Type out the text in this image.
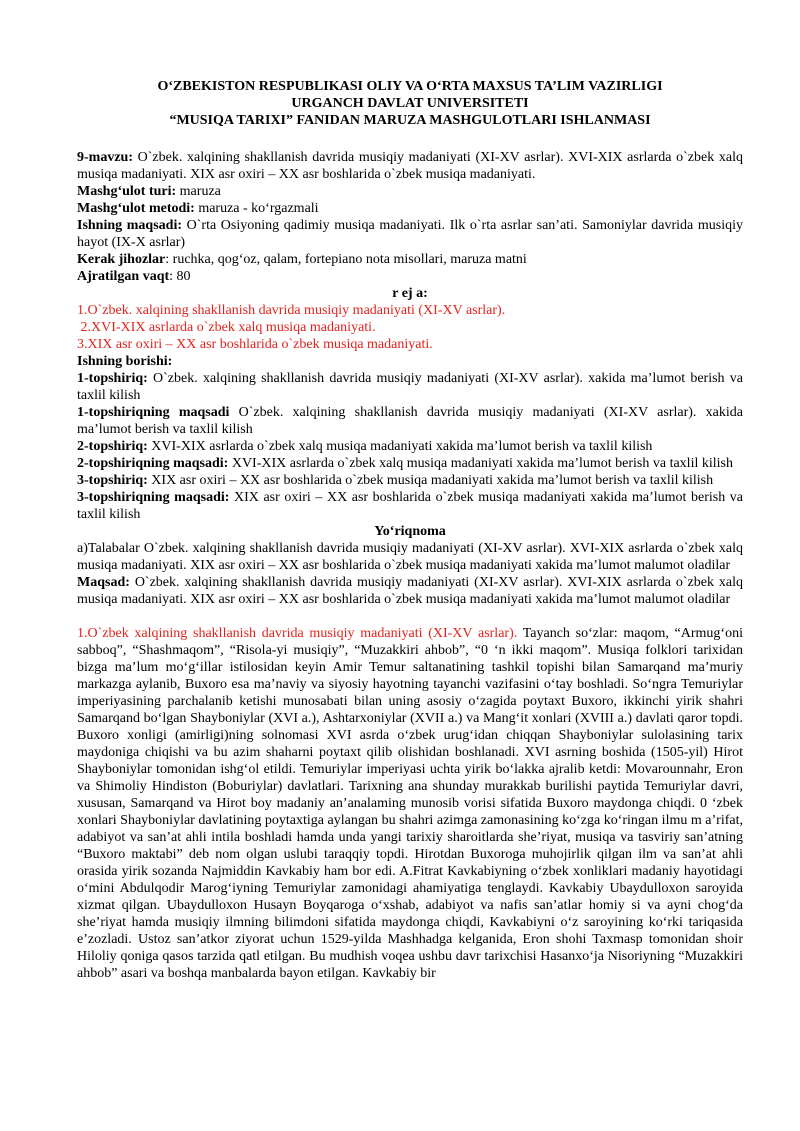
O‘ZBEKISTON RESPUBLIKASI OLIY VA O‘RTA MAXSUS TA’LIM VAZIRLIGI
URGANCH DAVLAT UNIVERSITETI
“MUSIQA TARIXI” FANIDAN MARUZA MASHGULOTLARI ISHLANMASI

9-mavzu: O`zbek. xalqining shakllanish davrida musiqiy madaniyati (XI-XV asrlar). XVI-XIX asrlarda o`zbek xalq musiqa madaniyati. XIX asr oxiri – XX asr boshlarida o`zbek musiqa madaniyati.

Mashg‘ulot turi: maruza

Mashg‘ulot metodi: maruza - ko‘rgazmali

Ishning maqsadi: O`rta Osiyoning qadimiy musiqa madaniyati. Ilk o`rta asrlar san’ati. Samoniylar davrida musiqiy hayot (IX-X asrlar)

Kerak jihozlar: ruchka, qog‘oz, qalam, fortepiano nota misollari, maruza matni

Ajratilgan vaqt: 80

r ej a:

1.O`zbek. xalqining shakllanish davrida musiqiy madaniyati (XI-XV asrlar).

2.XVI-XIX asrlarda o`zbek xalq musiqa madaniyati.

3.XIX asr oxiri – XX asr boshlarida o`zbek musiqa madaniyati.

Ishning borishi:

1-topshiriq: O`zbek. xalqining shakllanish davrida musiqiy madaniyati (XI-XV asrlar). xakida ma’lumot berish va taxlil kilish

1-topshiriqning maqsadi O`zbek. xalqining shakllanish davrida musiqiy madaniyati (XI-XV asrlar). xakida ma’lumot berish va taxlil kilish

2-topshiriq: XVI-XIX asrlarda o`zbek xalq musiqa madaniyati xakida ma’lumot berish va taxlil kilish

2-topshiriqning maqsadi: XVI-XIX asrlarda o`zbek xalq musiqa madaniyati xakida ma’lumot berish va taxlil kilish

3-topshiriq: XIX asr oxiri – XX asr boshlarida o`zbek musiqa madaniyati xakida ma’lumot berish va taxlil kilish

3-topshiriqning maqsadi: XIX asr oxiri – XX asr boshlarida o`zbek musiqa madaniyati xakida ma’lumot berish va taxlil kilish

Yo‘riqnoma

a)Talabalar O`zbek. xalqining shakllanish davrida musiqiy madaniyati (XI-XV asrlar). XVI-XIX asrlarda o`zbek xalq musiqa madaniyati. XIX asr oxiri – XX asr boshlarida o`zbek musiqa madaniyati xakida ma’lumot malumot oladilar

Maqsad: O`zbek. xalqining shakllanish davrida musiqiy madaniyati (XI-XV asrlar). XVI-XIX asrlarda o`zbek xalq musiqa madaniyati. XIX asr oxiri – XX asr boshlarida o`zbek musiqa madaniyati xakida ma’lumot malumot oladilar

1.O`zbek xalqining shakllanish davrida musiqiy madaniyati (XI-XV asrlar). Tayanch so‘zlar: maqom, “Armug‘oni sabboq”, “Shashmaqom”, “Risola-yi musiqiy”, “Muzakkiri ahbob”, “0 ‘n ikki maqom”. Musiqa folklori tarixidan bizga ma’lum mo‘g‘illar istilosidan keyin Amir Temur saltanatining tashkil topishi bilan Samarqand ma’muriy markazga aylanib, Buxoro esa ma’naviy va siyosiy hayotning tayanchi vazifasini o‘tay boshladi. So‘ngra Temuriylar imperiyasining parchalanib ketishi munosabati bilan uning asosiy o‘zagida poytaxt Buxoro, ikkinchi yirik shahri Samarqand bo‘lgan Shayboniylar (XVI a.), Ashtarxoniylar (XVII a.) va Mang‘it xonlari (XVIII a.) davlati qaror topdi. Buxoro xonligi (amirligi)ning solnomasi XVI asrda o‘zbek urug‘idan chiqqan Shayboniylar sulolasining tarix maydoniga chiqishi va bu azim shaharni poytaxt qilib olishidan boshlanadi. XVI asrning boshida (1505-yil) Hirot Shayboniylar tomonidan ishg‘ol etildi. Temuriylar imperiyasi uchta yirik bo‘lakka ajralib ketdi: Movarounnahr, Eron va Shimoliy Hindiston (Boburiylar) davlatlari. Tarixning ana shunday murakkab burilishi paytida Temuriylar davri, xususan, Samarqand va Hirot boy madaniy an’analaming munosib vorisi sifatida Buxoro maydonga chiqdi. 0 ‘zbek xonlari Shayboniylar davlatining poytaxtiga aylangan bu shahri azimga zamonasining ko‘zga ko‘ringan ilmu m a’rifat, adabiyot va san’at ahli intila boshladi hamda unda yangi tarixiy sharoitlarda she’riyat, musiqa va tasviriy san’atning “Buxoro maktabi” deb nom olgan uslubi taraqqiy topdi. Hirotdan Buxoroga muhojirlik qilgan ilm va san’at ahli orasida yirik sozanda Najmiddin Kavkabiy ham bor edi. A.Fitrat Kavkabiyning o‘zbek xonliklari madaniy hayotidagi o‘mini Abdulqodir Marog‘iyning Temuriylar zamonidagi ahamiyatiga tenglaydi. Kavkabiy Ubaydulloxon saroyida xizmat qilgan. Ubaydulloxon Husayn Boyqaroga o‘xshab, adabiyot va nafis san’atlar homiy si va ayni chog‘da she’riyat hamda musiqiy ilmning bilimdoni sifatida maydonga chiqdi, Kavkabiyni o‘z saroyining ko‘rki tariqasida e’zozladi. Ustoz san’atkor ziyorat uchun 1529-yilda Mashhadga kelganida, Eron shohi Taxmasp tomonidan shoir Hiloliy qoniga qasos tarzida qatl etilgan. Bu mudhish voqea ushbu davr tarixchisi Hasanxo‘ja Nisoriyning “Muzakkiri ahbob” asari va boshqa manbalarda bayon etilgan. Kavkabiy bir
